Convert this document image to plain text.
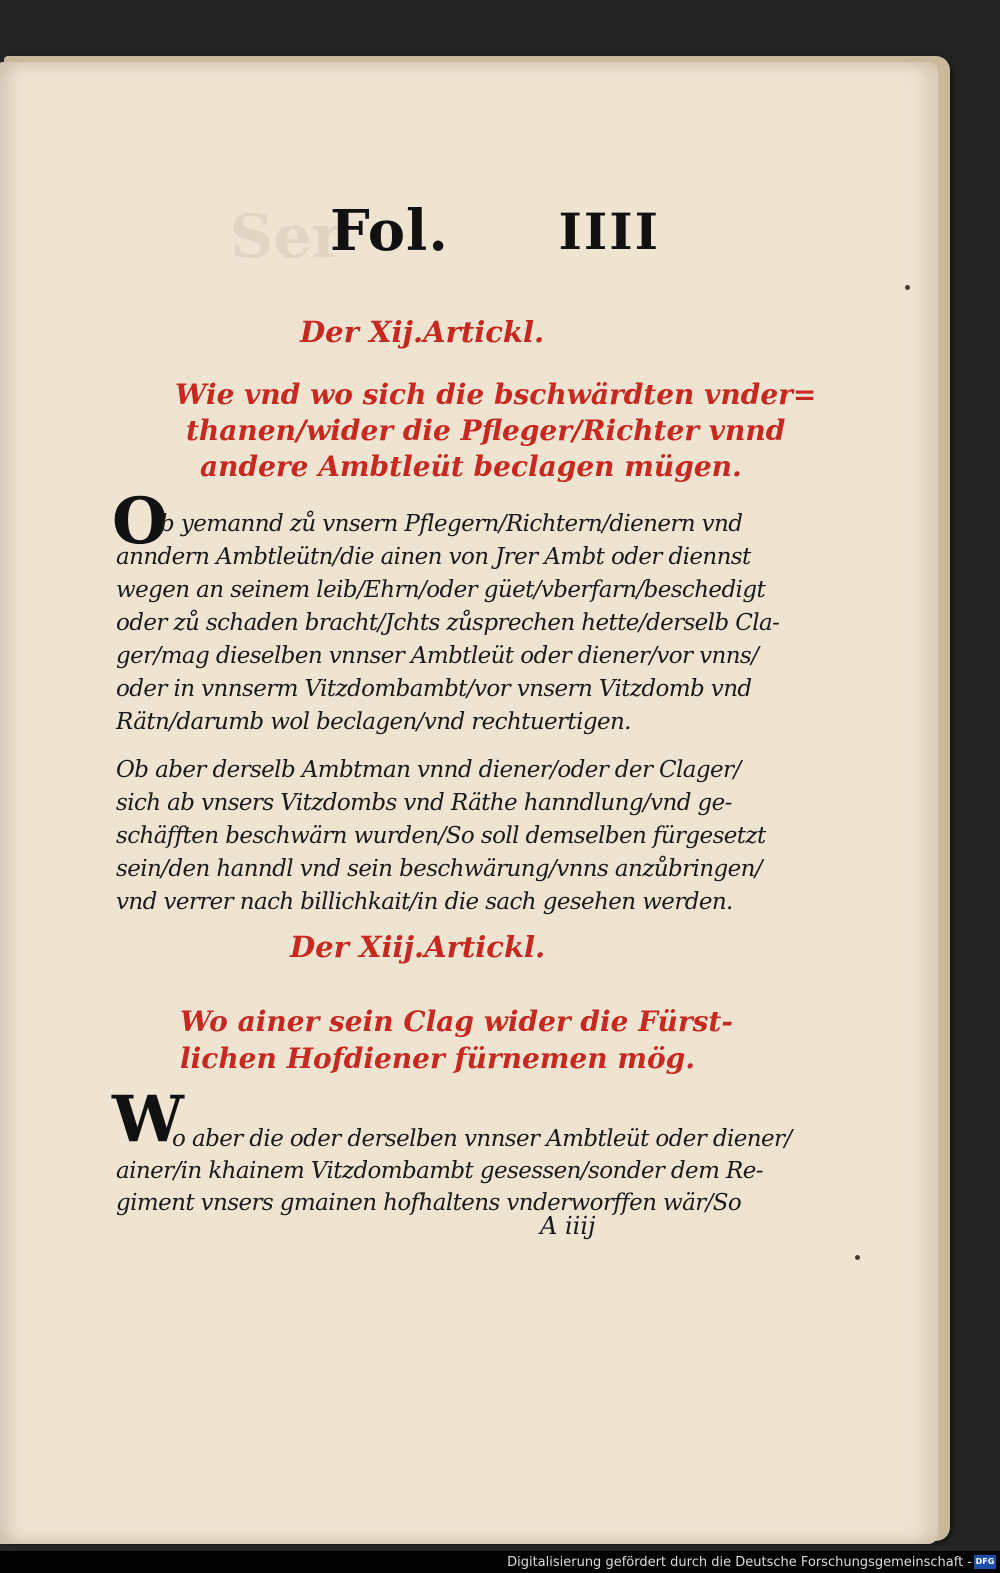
Ser
Fol. IIII
Der Xij.Artickl.
Wie vnd wo sich die bschwärdten vnder=
thanen/wider die Pfleger/Richter vnnd
andere Ambtleüt beclagen mügen.
O
b yemannd zů vnsern Pflegern/Richtern/dienern vnd
anndern Ambtleütn/die ainen von Jrer Ambt oder diennst
wegen an seinem leib/Ehrn/oder güet/vberfarn/beschedigt
oder zů schaden bracht/Jchts zůsprechen hette/derselb Cla-
ger/mag dieselben vnnser Ambtleüt oder diener/vor vnns/
oder in vnnserm Vitzdombambt/vor vnsern Vitzdomb vnd
Rätn/darumb wol beclagen/vnd rechtuertigen.
Ob aber derselb Ambtman vnnd diener/oder der Clager/
sich ab vnsers Vitzdombs vnd Räthe hanndlung/vnd ge-
schäfften beschwärn wurden/So soll demselben fürgesetzt
sein/den hanndl vnd sein beschwärung/vnns anzůbringen/
vnd verrer nach billichkait/in die sach gesehen werden.
Der Xiij.Artickl.
Wo ainer sein Clag wider die Fürst-
lichen Hofdiener fürnemen mög.
W
o aber die oder derselben vnnser Ambtleüt oder diener/
ainer/in khainem Vitzdombambt gesessen/sonder dem Re-
giment vnsers gmainen hofhaltens vnderworffen wär/So
A iiij
Digitalisierung gefördert durch die Deutsche Forschungsgemeinschaft - DFG
